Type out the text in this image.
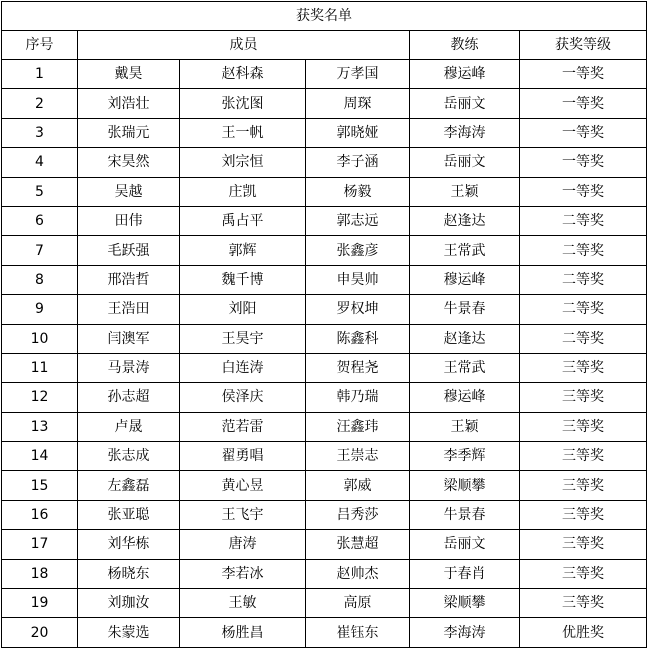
获奖名单					
序号	成员			教练	获奖等级
1	戴昊	赵科森	万孝国	穆运峰	一等奖
2	刘浩壮	张沈图	周琛	岳丽文	一等奖
3	张瑞元	王一帆	郭晓娅	李海涛	一等奖
4	宋昊然	刘宗恒	李子涵	岳丽文	一等奖
5	吴越	庄凯	杨毅	王颖	一等奖
6	田伟	禹占平	郭志远	赵逢达	二等奖
7	毛跃强	郭辉	张鑫彦	王常武	二等奖
8	邢浩哲	魏千博	申昊帅	穆运峰	二等奖
9	王浩田	刘阳	罗权坤	牛景春	二等奖
10	闫澳军	王昊宇	陈鑫科	赵逢达	二等奖
11	马景涛	白连涛	贺程尧	王常武	三等奖
12	孙志超	侯泽庆	韩乃瑞	穆运峰	三等奖
13	卢晟	范若雷	汪鑫玮	王颖	三等奖
14	张志成	翟勇唱	王崇志	李季辉	三等奖
15	左鑫磊	黄心昱	郭威	梁顺攀	三等奖
16	张亚聪	王飞宇	吕秀莎	牛景春	三等奖
17	刘华栋	唐涛	张慧超	岳丽文	三等奖
18	杨晓东	李若冰	赵帅杰	于春肖	三等奖
19	刘珈汝	王敏	高原	梁顺攀	三等奖
20	朱蒙选	杨胜昌	崔钰东	李海涛	优胜奖
